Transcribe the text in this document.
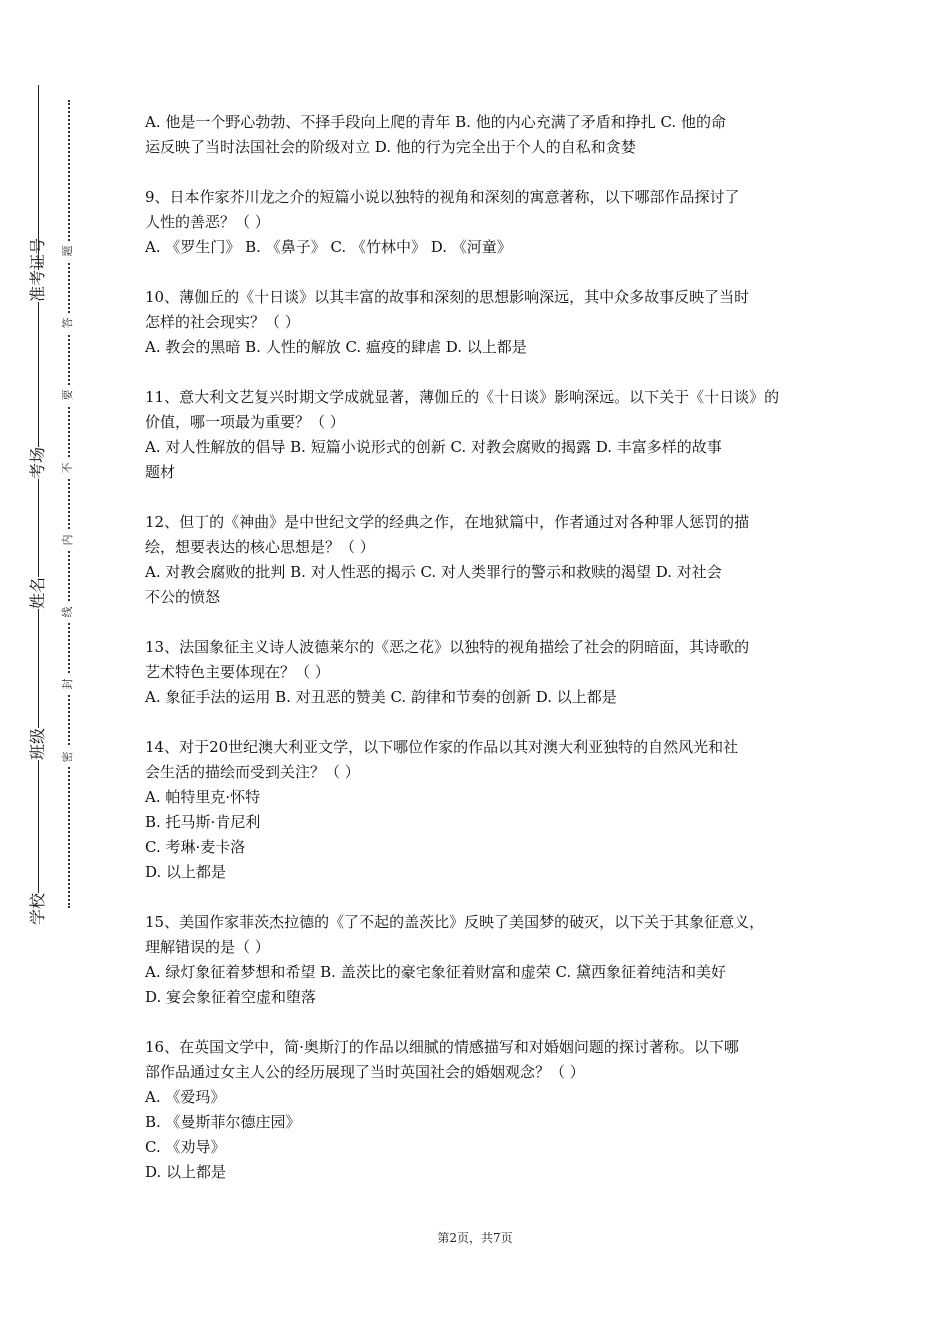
准考证号
考场
姓名
班级
学校
题
答
要
不
内
线
封
密

A. 他是一个野心勃勃、不择手段向上爬的青年 B. 他的内心充满了矛盾和挣扎 C. 他的命

运反映了当时法国社会的阶级对立 D. 他的行为完全出于个人的自私和贪婪

9、日本作家芥川龙之介的短篇小说以独特的视角和深刻的寓意著称，以下哪部作品探讨了

人性的善恶？（ ）

A. 《罗生门》 B. 《鼻子》 C. 《竹林中》 D. 《河童》

10、薄伽丘的《十日谈》以其丰富的故事和深刻的思想影响深远，其中众多故事反映了当时

怎样的社会现实？（ ）

A. 教会的黑暗 B. 人性的解放 C. 瘟疫的肆虐 D. 以上都是

11、意大利文艺复兴时期文学成就显著，薄伽丘的《十日谈》影响深远。以下关于《十日谈》的

价值，哪一项最为重要？（ ）

A. 对人性解放的倡导 B. 短篇小说形式的创新 C. 对教会腐败的揭露 D. 丰富多样的故事

题材

12、但丁的《神曲》是中世纪文学的经典之作，在地狱篇中，作者通过对各种罪人惩罚的描

绘，想要表达的核心思想是？（ ）

A. 对教会腐败的批判 B. 对人性恶的揭示 C. 对人类罪行的警示和救赎的渴望 D. 对社会

不公的愤怒

13、法国象征主义诗人波德莱尔的《恶之花》以独特的视角描绘了社会的阴暗面，其诗歌的

艺术特色主要体现在？（ ）

A. 象征手法的运用 B. 对丑恶的赞美 C. 韵律和节奏的创新 D. 以上都是

14、对于20世纪澳大利亚文学，以下哪位作家的作品以其对澳大利亚独特的自然风光和社

会生活的描绘而受到关注？（ ）

A. 帕特里克·怀特

B. 托马斯·肯尼利

C. 考琳·麦卡洛

D. 以上都是

15、美国作家菲茨杰拉德的《了不起的盖茨比》反映了美国梦的破灭，以下关于其象征意义，

理解错误的是（ ）

A. 绿灯象征着梦想和希望 B. 盖茨比的豪宅象征着财富和虚荣 C. 黛西象征着纯洁和美好

D. 宴会象征着空虚和堕落

16、在英国文学中，简·奥斯汀的作品以细腻的情感描写和对婚姻问题的探讨著称。以下哪

部作品通过女主人公的经历展现了当时英国社会的婚姻观念？（ ）

A. 《爱玛》

B. 《曼斯菲尔德庄园》

C. 《劝导》

D. 以上都是

第2页，共7页
